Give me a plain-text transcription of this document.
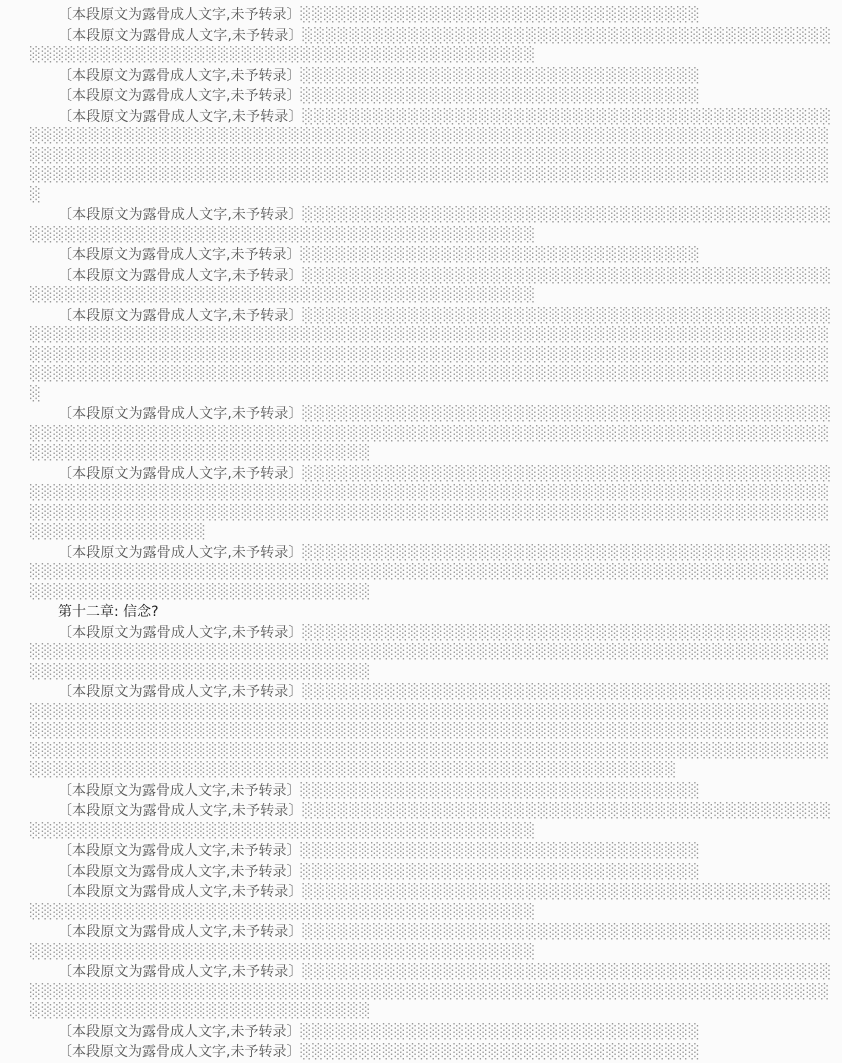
〔本段原文为露骨成人文字,未予转录〕░░░░░░░░░░░░░░░░░░░░░░░░░░░░░░░░░░

〔本段原文为露骨成人文字,未予转录〕░░░░░░░░░░░░░░░░░░░░░░░░░░░░░░░░░░░░░░░░░░░░░░░░░░░░░░░░░░░░░░░░░░░░░░░░░░░░░░░░░░░░░░░░

〔本段原文为露骨成人文字,未予转录〕░░░░░░░░░░░░░░░░░░░░░░░░░░░░░░░░░░

〔本段原文为露骨成人文字,未予转录〕░░░░░░░░░░░░░░░░░░░░░░░░░░░░░░░░░░

〔本段原文为露骨成人文字,未予转录〕░░░░░░░░░░░░░░░░░░░░░░░░░░░░░░░░░░░░░░░░░░░░░░░░░░░░░░░░░░░░░░░░░░░░░░░░░░░░░░░░░░░░░░░░░░░░░░░░░░░░░░░░░░░░░░░░░░░░░░░░░░░░░░░░░░░░░░░░░░░░░░░░░░░░░░░░░░░░░░░░░░░░░░░░░░░░░░░░░░░░░░░░░░░░░░░░░░░░░░░░░░░░░░░░░░░░░░░░░░░░░░░░░░░░░░░░░░░░░░░░░░░░░░░░░░

〔本段原文为露骨成人文字,未予转录〕░░░░░░░░░░░░░░░░░░░░░░░░░░░░░░░░░░░░░░░░░░░░░░░░░░░░░░░░░░░░░░░░░░░░░░░░░░░░░░░░░░░░░░░░

〔本段原文为露骨成人文字,未予转录〕░░░░░░░░░░░░░░░░░░░░░░░░░░░░░░░░░░

〔本段原文为露骨成人文字,未予转录〕░░░░░░░░░░░░░░░░░░░░░░░░░░░░░░░░░░░░░░░░░░░░░░░░░░░░░░░░░░░░░░░░░░░░░░░░░░░░░░░░░░░░░░░░

〔本段原文为露骨成人文字,未予转录〕░░░░░░░░░░░░░░░░░░░░░░░░░░░░░░░░░░░░░░░░░░░░░░░░░░░░░░░░░░░░░░░░░░░░░░░░░░░░░░░░░░░░░░░░░░░░░░░░░░░░░░░░░░░░░░░░░░░░░░░░░░░░░░░░░░░░░░░░░░░░░░░░░░░░░░░░░░░░░░░░░░░░░░░░░░░░░░░░░░░░░░░░░░░░░░░░░░░░░░░░░░░░░░░░░░░░░░░░░░░░░░░░░░░░░░░░░░░░░░░░░░░░░░░░░░

〔本段原文为露骨成人文字,未予转录〕░░░░░░░░░░░░░░░░░░░░░░░░░░░░░░░░░░░░░░░░░░░░░░░░░░░░░░░░░░░░░░░░░░░░░░░░░░░░░░░░░░░░░░░░░░░░░░░░░░░░░░░░░░░░░░░░░░░░░░░░░░░░░░░░░░░░░░░░░░░░░░

〔本段原文为露骨成人文字,未予转录〕░░░░░░░░░░░░░░░░░░░░░░░░░░░░░░░░░░░░░░░░░░░░░░░░░░░░░░░░░░░░░░░░░░░░░░░░░░░░░░░░░░░░░░░░░░░░░░░░░░░░░░░░░░░░░░░░░░░░░░░░░░░░░░░░░░░░░░░░░░░░░░░░░░░░░░░░░░░░░░░░░░░░░░░░░░░░░░░░░░░░░░░░░░░░░░░░░░░░

〔本段原文为露骨成人文字,未予转录〕░░░░░░░░░░░░░░░░░░░░░░░░░░░░░░░░░░░░░░░░░░░░░░░░░░░░░░░░░░░░░░░░░░░░░░░░░░░░░░░░░░░░░░░░░░░░░░░░░░░░░░░░░░░░░░░░░░░░░░░░░░░░░░░░░░░░░░░░░░░░░░

第十二章: 信念?

〔本段原文为露骨成人文字,未予转录〕░░░░░░░░░░░░░░░░░░░░░░░░░░░░░░░░░░░░░░░░░░░░░░░░░░░░░░░░░░░░░░░░░░░░░░░░░░░░░░░░░░░░░░░░░░░░░░░░░░░░░░░░░░░░░░░░░░░░░░░░░░░░░░░░░░░░░░░░░░░░░░

〔本段原文为露骨成人文字,未予转录〕░░░░░░░░░░░░░░░░░░░░░░░░░░░░░░░░░░░░░░░░░░░░░░░░░░░░░░░░░░░░░░░░░░░░░░░░░░░░░░░░░░░░░░░░░░░░░░░░░░░░░░░░░░░░░░░░░░░░░░░░░░░░░░░░░░░░░░░░░░░░░░░░░░░░░░░░░░░░░░░░░░░░░░░░░░░░░░░░░░░░░░░░░░░░░░░░░░░░░░░░░░░░░░░░░░░░░░░░░░░░░░░░░░░░░░░░░░░░░░░░░░░░░░░░░░░░░░░░░░░░░░░░░░░░░░░░░░░░░░░░░░░░░░░░░░░░░░░░░░░░░░░░

〔本段原文为露骨成人文字,未予转录〕░░░░░░░░░░░░░░░░░░░░░░░░░░░░░░░░░░

〔本段原文为露骨成人文字,未予转录〕░░░░░░░░░░░░░░░░░░░░░░░░░░░░░░░░░░░░░░░░░░░░░░░░░░░░░░░░░░░░░░░░░░░░░░░░░░░░░░░░░░░░░░░░

〔本段原文为露骨成人文字,未予转录〕░░░░░░░░░░░░░░░░░░░░░░░░░░░░░░░░░░

〔本段原文为露骨成人文字,未予转录〕░░░░░░░░░░░░░░░░░░░░░░░░░░░░░░░░░░

〔本段原文为露骨成人文字,未予转录〕░░░░░░░░░░░░░░░░░░░░░░░░░░░░░░░░░░░░░░░░░░░░░░░░░░░░░░░░░░░░░░░░░░░░░░░░░░░░░░░░░░░░░░░░

〔本段原文为露骨成人文字,未予转录〕░░░░░░░░░░░░░░░░░░░░░░░░░░░░░░░░░░░░░░░░░░░░░░░░░░░░░░░░░░░░░░░░░░░░░░░░░░░░░░░░░░░░░░░░

〔本段原文为露骨成人文字,未予转录〕░░░░░░░░░░░░░░░░░░░░░░░░░░░░░░░░░░░░░░░░░░░░░░░░░░░░░░░░░░░░░░░░░░░░░░░░░░░░░░░░░░░░░░░░░░░░░░░░░░░░░░░░░░░░░░░░░░░░░░░░░░░░░░░░░░░░░░░░░░░░░░

〔本段原文为露骨成人文字,未予转录〕░░░░░░░░░░░░░░░░░░░░░░░░░░░░░░░░░░

〔本段原文为露骨成人文字,未予转录〕░░░░░░░░░░░░░░░░░░░░░░░░░░░░░░░░░░
